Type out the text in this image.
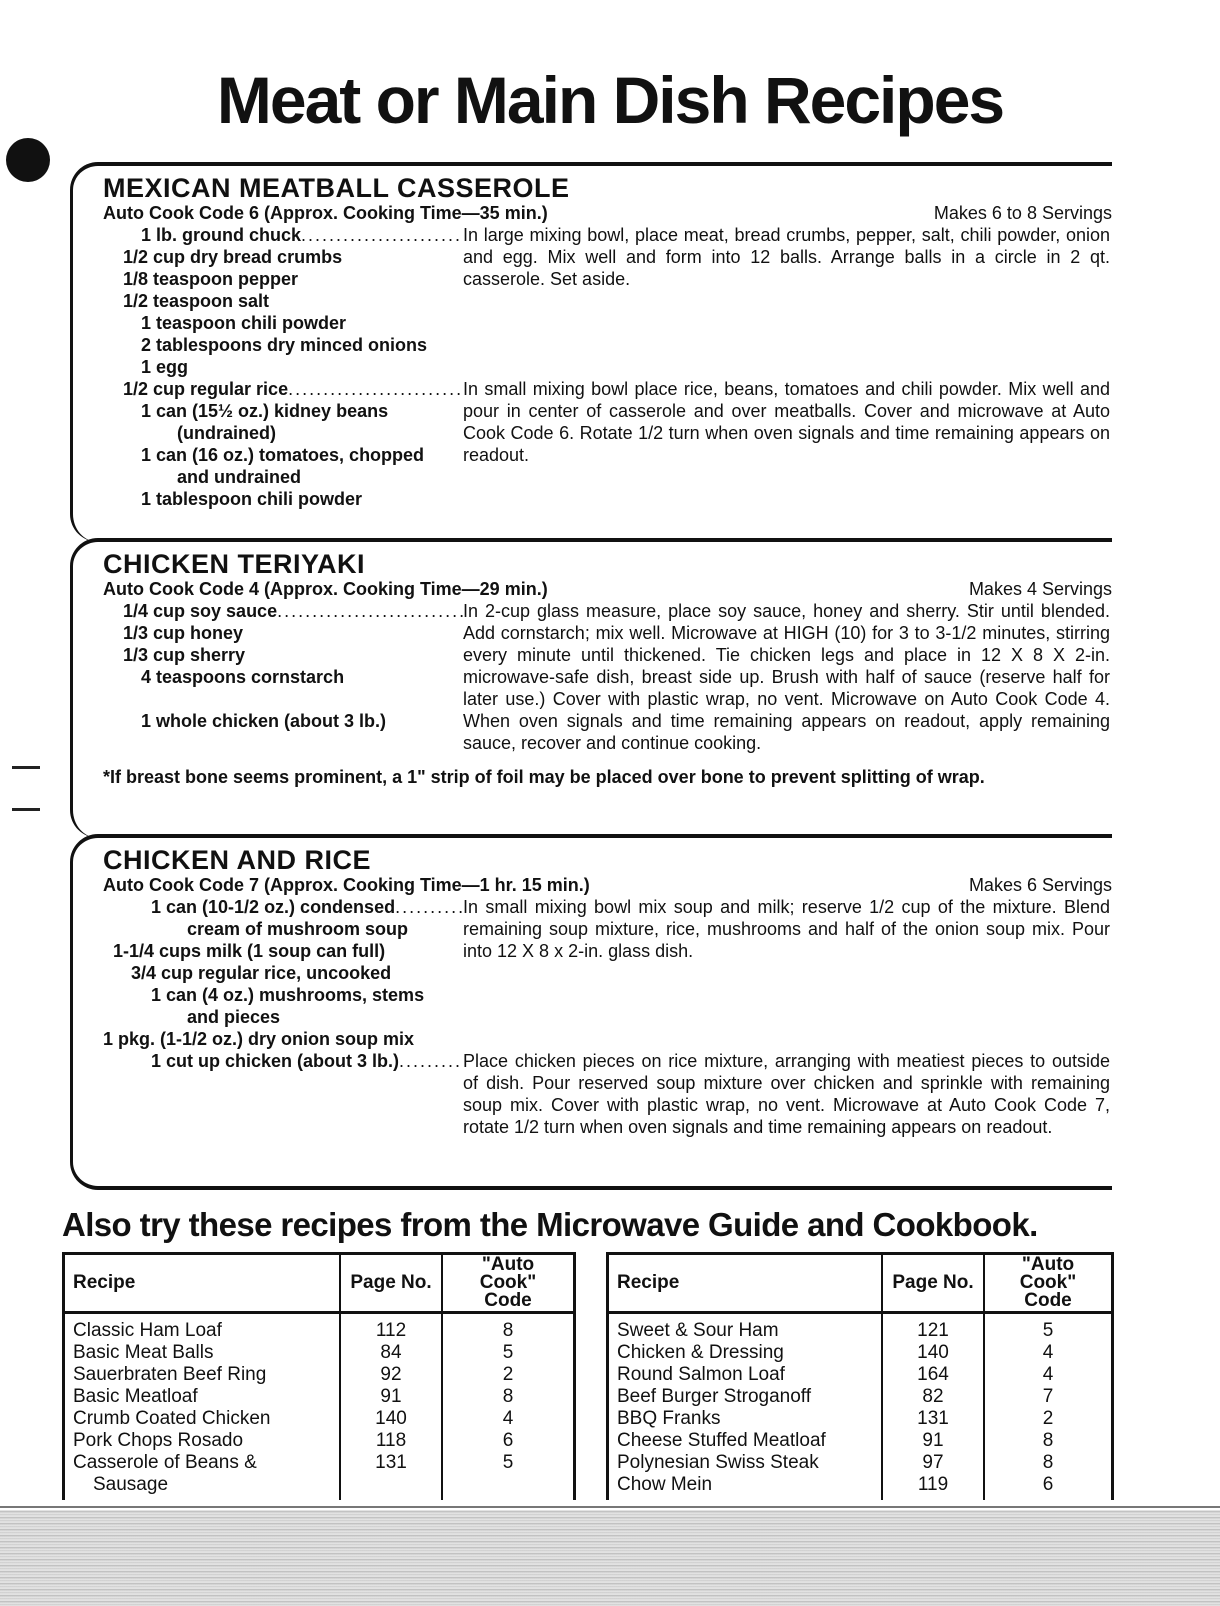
Meat or Main Dish Recipes
MEXICAN MEATBALL CASSEROLE
Auto Cook Code 6 (Approx. Cooking Time—35 min.)	Makes 6 to 8 Servings
1 lb. ground chuck
.....
1/2 cup dry bread crumbs
1/8 teaspoon pepper
1/2 teaspoon salt
1 teaspoon chili powder
2 tablespoons dry minced onions
1 egg
In large mixing bowl, place meat, bread crumbs, pepper, salt, chili powder, onion and egg. Mix well and form into 12 balls. Arrange balls in a circle in 2 qt. casserole. Set aside.
1/2 cup regular rice
.....
1 can (15½ oz.) kidney beans
(undrained)
1 can (16 oz.) tomatoes, chopped
and undrained
1 tablespoon chili powder
In small mixing bowl place rice, beans, tomatoes and chili powder. Mix well and pour in center of casserole and over meatballs. Cover and microwave at Auto Cook Code 6. Rotate 1/2 turn when oven signals and time remaining appears on readout.
CHICKEN TERIYAKI
Auto Cook Code 4 (Approx. Cooking Time—29 min.)	Makes 4 Servings
1/4 cup soy sauce
.....
1/3 cup honey
1/3 cup sherry
4 teaspoons cornstarch
1 whole chicken (about 3 lb.)
In 2-cup glass measure, place soy sauce, honey and sherry. Stir until blended. Add cornstarch; mix well. Microwave at HIGH (10) for 3 to 3-1/2 minutes, stirring every minute until thickened. Tie chicken legs and place in 12 X 8 X 2-in. microwave-safe dish, breast side up. Brush with half of sauce (reserve half for later use.) Cover with plastic wrap, no vent. Microwave on Auto Cook Code 4. When oven signals and time remaining appears on readout, apply remaining sauce, recover and continue cooking.
*If breast bone seems prominent, a 1" strip of foil may be placed over bone to prevent splitting of wrap.
CHICKEN AND RICE
Auto Cook Code 7 (Approx. Cooking Time—1 hr. 15 min.)	Makes 6 Servings
1 can (10-1/2 oz.) condensed
.....
cream of mushroom soup
1-1/4 cups milk (1 soup can full)
3/4 cup regular rice, uncooked
1 can (4 oz.) mushrooms, stems
and pieces
1 pkg. (1-1/2 oz.) dry onion soup mix
In small mixing bowl mix soup and milk; reserve 1/2 cup of the mixture. Blend remaining soup mixture, rice, mushrooms and half of the onion soup mix. Pour into 12 X 8 x 2-in. glass dish.
1 cut up chicken (about 3 lb.) .....	Place chicken pieces on rice mixture, arranging with meatiest pieces to outside of dish. Pour reserved soup mixture over chicken and sprinkle with remaining soup mix. Cover with plastic wrap, no vent. Microwave at Auto Cook Code 7, rotate 1/2 turn when oven signals and time remaining appears on readout.
Also try these recipes from the Microwave Guide and Cookbook.
Recipe	Page No.	"Auto Cook"
Code
Classic Ham Loaf	112	8
Basic Meat Balls	84	5
Sauerbraten Beef Ring	92	2
Basic Meatloaf	91	8
Crumb Coated Chicken	140	4
Pork Chops Rosado	118	6
Casserole of Beans &	131	5
Sausage		
Recipe	Page No.	"Auto Cook"
Code
Sweet & Sour Ham	121	5
Chicken & Dressing	140	4
Round Salmon Loaf	164	4
Beef Burger Stroganoff	82	7
BBQ Franks	131	2
Cheese Stuffed Meatloaf	91	8
Polynesian Swiss Steak	97	8
Chow Mein	119	6
